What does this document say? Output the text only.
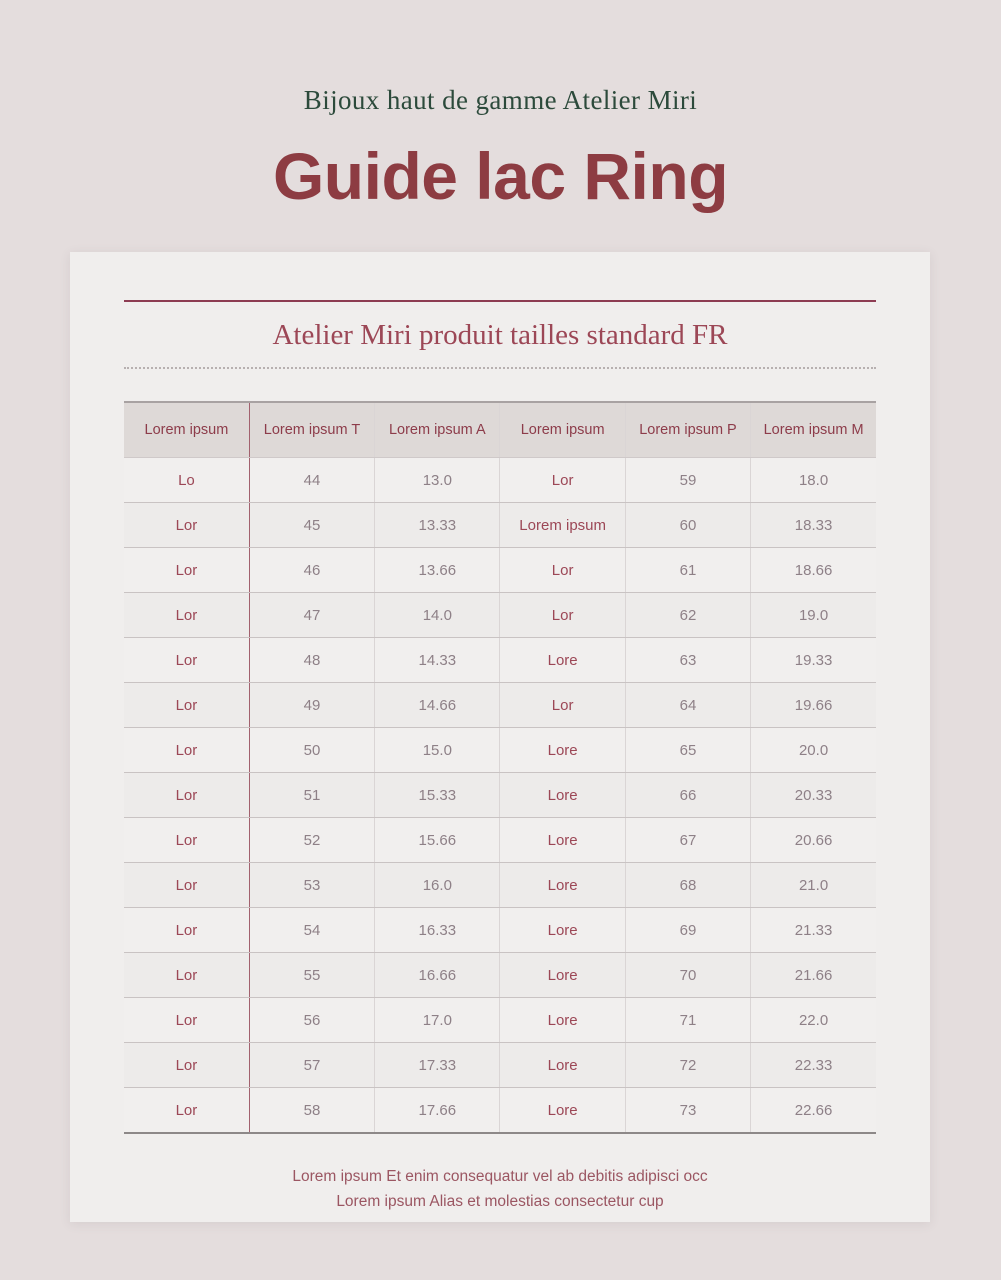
Bijoux haut de gamme Atelier Miri
Guide lac Ring
Atelier Miri produit tailles standard FR
Lorem ipsum	Lorem ipsum T	Lorem ipsum A	Lorem ipsum	Lorem ipsum P	Lorem ipsum M
Lo	44	13.0	Lor	59	18.0
Lor	45	13.33	Lorem ipsum	60	18.33
Lor	46	13.66	Lor	61	18.66
Lor	47	14.0	Lor	62	19.0
Lor	48	14.33	Lore	63	19.33
Lor	49	14.66	Lor	64	19.66
Lor	50	15.0	Lore	65	20.0
Lor	51	15.33	Lore	66	20.33
Lor	52	15.66	Lore	67	20.66
Lor	53	16.0	Lore	68	21.0
Lor	54	16.33	Lore	69	21.33
Lor	55	16.66	Lore	70	21.66
Lor	56	17.0	Lore	71	22.0
Lor	57	17.33	Lore	72	22.33
Lor	58	17.66	Lore	73	22.66
Lorem ipsum Et enim consequatur vel ab debitis adipisci occ
Lorem ipsum Alias et molestias consectetur cup
